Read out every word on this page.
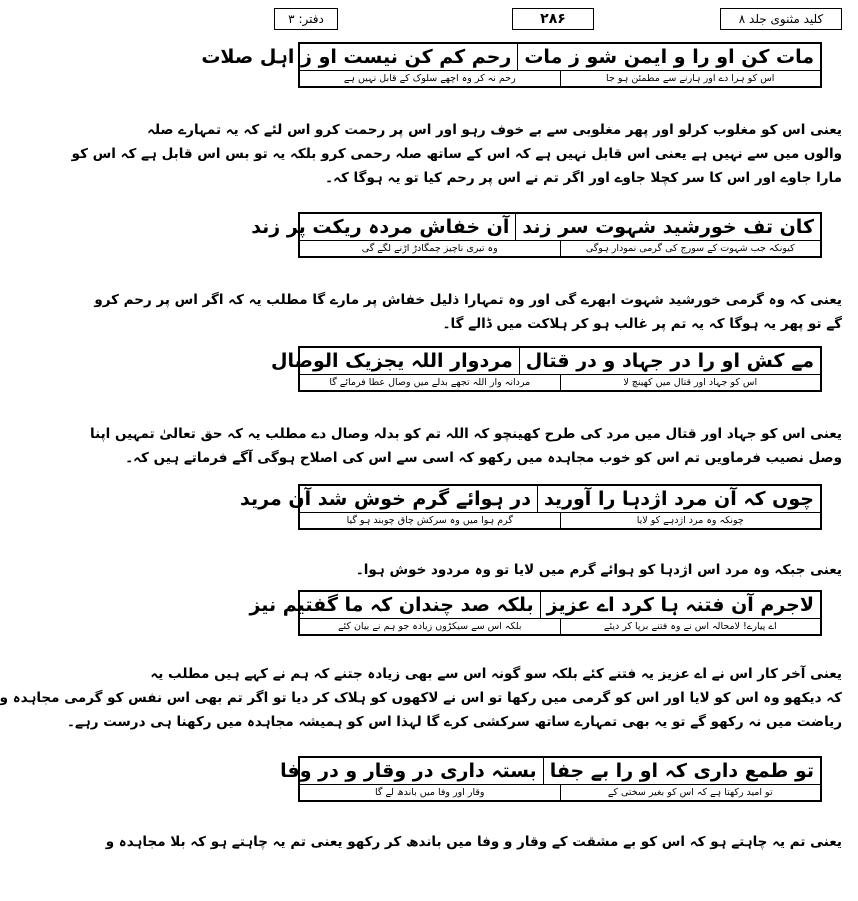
کلید مثنوی جلد ۸
۲۸۶
دفتر: ۳
مات کن او را و ایمن شو ز مات
رحم کم کن نیست او ز اہل صلات
اس کو ہرا دے اور ہارنے سے مطمئن ہو جا
رحم نہ کر وہ اچھے سلوک کے قابل نہیں ہے
یعنی اس کو مغلوب کرلو اور پھر مغلوبی سے بے خوف رہو اور اس پر رحمت کرو اس لئے کہ یہ تمہارے صلہ
والوں میں سے نہیں ہے یعنی اس قابل نہیں ہے کہ اس کے ساتھ صلہ رحمی کرو بلکہ یہ تو بس اس قابل ہے کہ اس کو
مارا جاوے اور اس کا سر کچلا جاوے اور اگر تم نے اس پر رحم کیا تو یہ ہوگا کہ۔
کان تف خورشید شہوت سر زند
آن خفاش مردہ ریکت پر زند
کیونکہ جب شہوت کے سورج کی گرمی نمودار ہوگی
وہ تیری ناچیز چمگادڑ اڑنے لگے گی
یعنی کہ وہ گرمی خورشید شہوت ابھرے گی اور وہ تمہارا ذلیل خفاش پر مارے گا مطلب یہ کہ اگر اس پر رحم کرو
گے تو پھر یہ ہوگا کہ یہ تم پر غالب ہو کر ہلاکت میں ڈالے گا۔
مے کش او را در جہاد و در قتال
مردوار اللہ یجزیک الوصال
اس کو جہاد اور قتال میں کھینچ لا
مردانہ وار اللہ تجھے بدلے میں وصال عطا فرمائے گا
یعنی اس کو جہاد اور قتال میں مرد کی طرح کھینچو کہ اللہ تم کو بدلہ وصال دے مطلب یہ کہ حق تعالیٰ تمہیں اپنا
وصل نصیب فرماویں تم اس کو خوب مجاہدہ میں رکھو کہ اسی سے اس کی اصلاح ہوگی آگے فرماتے ہیں کہ۔
چوں کہ آن مرد اژدہا را آورید
در ہوائے گرم خوش شد آن مرید
چونکہ وہ مرد اژدہے کو لایا
گرم ہوا میں وہ سرکش چاق چوبند ہو گیا
یعنی جبکہ وہ مرد اس اژدہا کو ہوائے گرم میں لایا تو وہ مردود خوش ہوا۔
لاجرم آن فتنہ ہا کرد اے عزیز
بلکہ صد چندان کہ ما گفتیم نیز
اے پیارے! لامحالہ اس نے وہ فتنے برپا کر دیئے
بلکہ اس سے سیکڑوں زیادہ جو ہم نے بیان کئے
یعنی آخر کار اس نے اے عزیز یہ فتنے کئے بلکہ سو گونہ اس سے بھی زیادہ جتنے کہ ہم نے کہے ہیں مطلب یہ
کہ دیکھو وہ اس کو لایا اور اس کو گرمی میں رکھا تو اس نے لاکھوں کو ہلاک کر دیا تو اگر تم بھی اس نفس کو گرمی مجاہدہ و
ریاضت میں نہ رکھو گے تو یہ بھی تمہارے ساتھ سرکشی کرے گا لہذا اس کو ہمیشہ مجاہدہ میں رکھنا ہی درست رہے۔
تو طمع داری کہ او را بے جفا
بستہ داری در وقار و در وفا
تو امید رکھتا ہے کہ اس کو بغیر سختی کے
وقار اور وفا میں باندھ لے گا
یعنی تم یہ چاہتے ہو کہ اس کو بے مشقت کے وقار و وفا میں باندھ کر رکھو یعنی تم یہ چاہتے ہو کہ بلا مجاہدہ و
